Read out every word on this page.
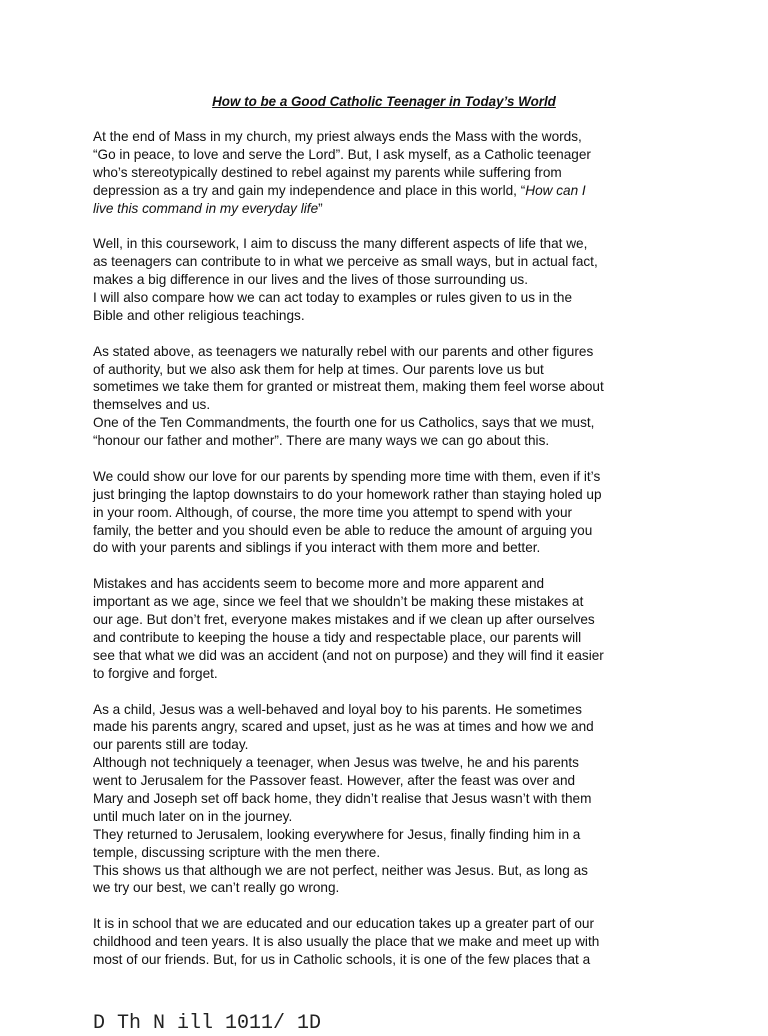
How to be a Good Catholic Teenager in Today’s World
At the end of Mass in my church, my priest always ends the Mass with the words,
“Go in peace, to love and serve the Lord”. But, I ask myself, as a Catholic teenager
who’s stereotypically destined to rebel against my parents while suffering from
depression as a try and gain my independence and place in this world, “How can I
live this command in my everyday life”
Well, in this coursework, I aim to discuss the many different aspects of life that we,
as teenagers can contribute to in what we perceive as small ways, but in actual fact,
makes a big difference in our lives and the lives of those surrounding us.
I will also compare how we can act today to examples or rules given to us in the
Bible and other religious teachings.
As stated above, as teenagers we naturally rebel with our parents and other figures
of authority, but we also ask them for help at times. Our parents love us but
sometimes we take them for granted or mistreat them, making them feel worse about
themselves and us.
One of the Ten Commandments, the fourth one for us Catholics, says that we must,
“honour our father and mother”. There are many ways we can go about this.
We could show our love for our parents by spending more time with them, even if it’s
just bringing the laptop downstairs to do your homework rather than staying holed up
in your room. Although, of course, the more time you attempt to spend with your
family, the better and you should even be able to reduce the amount of arguing you
do with your parents and siblings if you interact with them more and better.
Mistakes and has accidents seem to become more and more apparent and
important as we age, since we feel that we shouldn’t be making these mistakes at
our age. But don’t fret, everyone makes mistakes and if we clean up after ourselves
and contribute to keeping the house a tidy and respectable place, our parents will
see that what we did was an accident (and not on purpose) and they will find it easier
to forgive and forget.
As a child, Jesus was a well-behaved and loyal boy to his parents. He sometimes
made his parents angry, scared and upset, just as he was at times and how we and
our parents still are today.
Although not techniquely a teenager, when Jesus was twelve, he and his parents
went to Jerusalem for the Passover feast. However, after the feast was over and
Mary and Joseph set off back home, they didn’t realise that Jesus wasn’t with them
until much later on in the journey.
They returned to Jerusalem, looking everywhere for Jesus, finally finding him in a
temple, discussing scripture with the men there.
This shows us that although we are not perfect, neither was Jesus. But, as long as
we try our best, we can’t really go wrong.
It is in school that we are educated and our education takes up a greater part of our
childhood and teen years. It is also usually the place that we make and meet up with
most of our friends. But, for us in Catholic schools, it is one of the few places that a
D Th N ill 1011/ 1D
